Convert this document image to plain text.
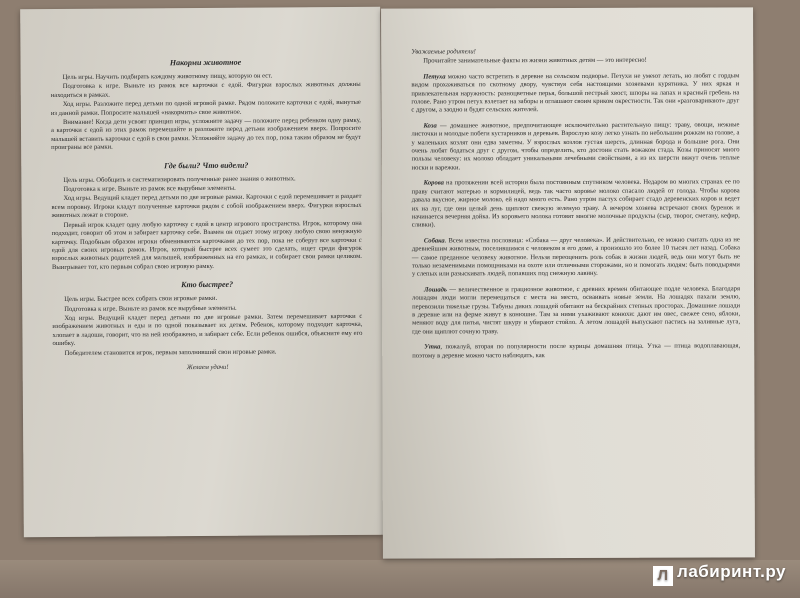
Накорми животное

Цель игры. Научить подбирать каждому животному пищу, которую он ест.

Подготовка к игре. Выньте из рамок все карточки с едой. Фигурки взрослых животных должны находиться в рамках.

Ход игры. Разложите перед детьми по одной игровой рамке. Рядом положите карточки с едой, вынутые из данной рамки. Попросите малышей «накормить» свое животное.

Внимание! Когда дети усвоят принцип игры, усложните задачу — положите перед ребенком одну рамку, а карточки с едой из этих рамок перемешайте и разложите перед детьми изображением вверх. Попросите малышей вставить карточки с едой в свои рамки. Усложняйте задачу до тех пор, пока таким образом не будут проиграны все рамки.

Где были? Что видели?

Цель игры. Обобщить и систематизировать полученные ранее знания о животных.

Подготовка к игре. Выньте из рамок все вырубные элементы.

Ход игры. Ведущий кладет перед детьми по две игровые рамки. Карточки с едой перемешивает и раздает всем поровну. Игроки кладут полученные карточки рядом с собой изображением вверх. Фигурки взрослых животных лежат в стороне.

Первый игрок кладет одну любую карточку с едой в центр игрового пространства. Игрок, которому она подходит, говорит об этом и забирает карточку себе. Взамен он отдает этому игроку любую свою ненужную карточку. Подобным образом игроки обмениваются карточками до тех пор, пока не соберут все карточки с едой для своих игровых рамок. Игрок, который быстрее всех сумеет это сделать, ищет среди фигурок взрослых животных родителей для малышей, изображенных на его рамках, и собирает свои рамки целиком. Выигрывает тот, кто первым собрал свою игровую рамку.

Кто быстрее?

Цель игры. Быстрее всех собрать свои игровые рамки.

Подготовка к игре. Выньте из рамок все вырубные элементы.

Ход игры. Ведущий кладет перед детьми по две игровые рамки. Затем перемешивает карточки с изображением животных и еды и по одной показывает их детям. Ребенок, которому подходит карточка, хлопает в ладоши, говорит, что на ней изображено, и забирает себе. Если ребенок ошибся, объясните ему его ошибку.

Победителем становится игрок, первым заполнивший свои игровые рамки.

Желаем удачи!

Уважаемые родители!

Прочитайте занимательные факты из жизни животных детям — это интересно!

Петуха можно часто встретить в деревне на сельском подворье. Петухи не умеют летать, но любят с гордым видом прохаживаться по скотному двору, чувствуя себя настоящими хозяевами курятника. У них яркая и привлекательная наружность: разноцветные перья, большой пестрый хвост, шпоры на лапах и красный гребень на голове. Рано утром петух взлетает на заборы и оглашают своим криком окрестности. Так они «разговаривают» друг с другом, а заодно и будят сельских жителей.

Коза — домашнее животное, предпочитающее исключительно растительную пищу: траву, овощи, нежные листочки и молодые побеги кустарников и деревьев. Взрослую козу легко узнать по небольшим рожкам на голове, а у маленьких козлят они едва заметны. У взрослых козлов густая шерсть, длинная борода и большие рога. Они очень любят бодаться друг с другом, чтобы определить, кто достоин стать вожаком стада. Козы приносят много пользы человеку: их молоко обладает уникальными лечебными свойствами, а из их шерсти вяжут очень теплые носки и варежки.

Корова на протяжении всей истории была постоянным спутником человека. Недаром во многих странах ее по праву считают матерью и кормилицей, ведь так часто коровье молоко спасало людей от голода. Чтобы корова давала вкусное, жирное молоко, ей надо много есть. Рано утром пастух собирает стадо деревенских коров и ведет их на луг, где они целый день щиплют свежую зеленую траву. А вечером хозяева встречают своих буренок и начинается вечерняя дойка. Из коровьего молока готовят многие молочные продукты (сыр, творог, сметану, кефир, сливки).

Собака. Всем известна пословица: «Собака — друг человека». И действительно, ее можно считать одна из не древнейшим животным, поселившимся с человеком в его доме, а произошло это более 10 тысяч лет назад. Собака — самое преданное человеку животное. Нельзя переоценить роль собак в жизни людей, ведь они могут быть не только незаменимыми помощниками на охоте или отличными сторожами, но и помогать людям: быть поводырями у слепых или разыскивать людей, попавших под снежную лавину.

Лошадь — величественное и грациозное животное, с древних времен обитающее подле человека. Благодаря лошадям люди могли перемещаться с места на место, осваивать новые земли. На лошадях пахали землю, перевозили тяжелые грузы. Табуны диких лошадей обитают на бескрайних степных просторах. Домашние лошади в деревне или на ферме живут в конюшне. Там за ними ухаживают конюхи: дают им овес, свежее сено, яблоки, меняют воду для питья, чистят шкуру и убирают стойло. А летом лошадей выпускают пастись на заливные луга, где они щиплют сочную траву.

Утка, пожалуй, вторая по популярности после курицы домашняя птица. Утка — птица водоплавающая, поэтому в деревне можно часто наблюдать, как

Л лабиринт.ру
